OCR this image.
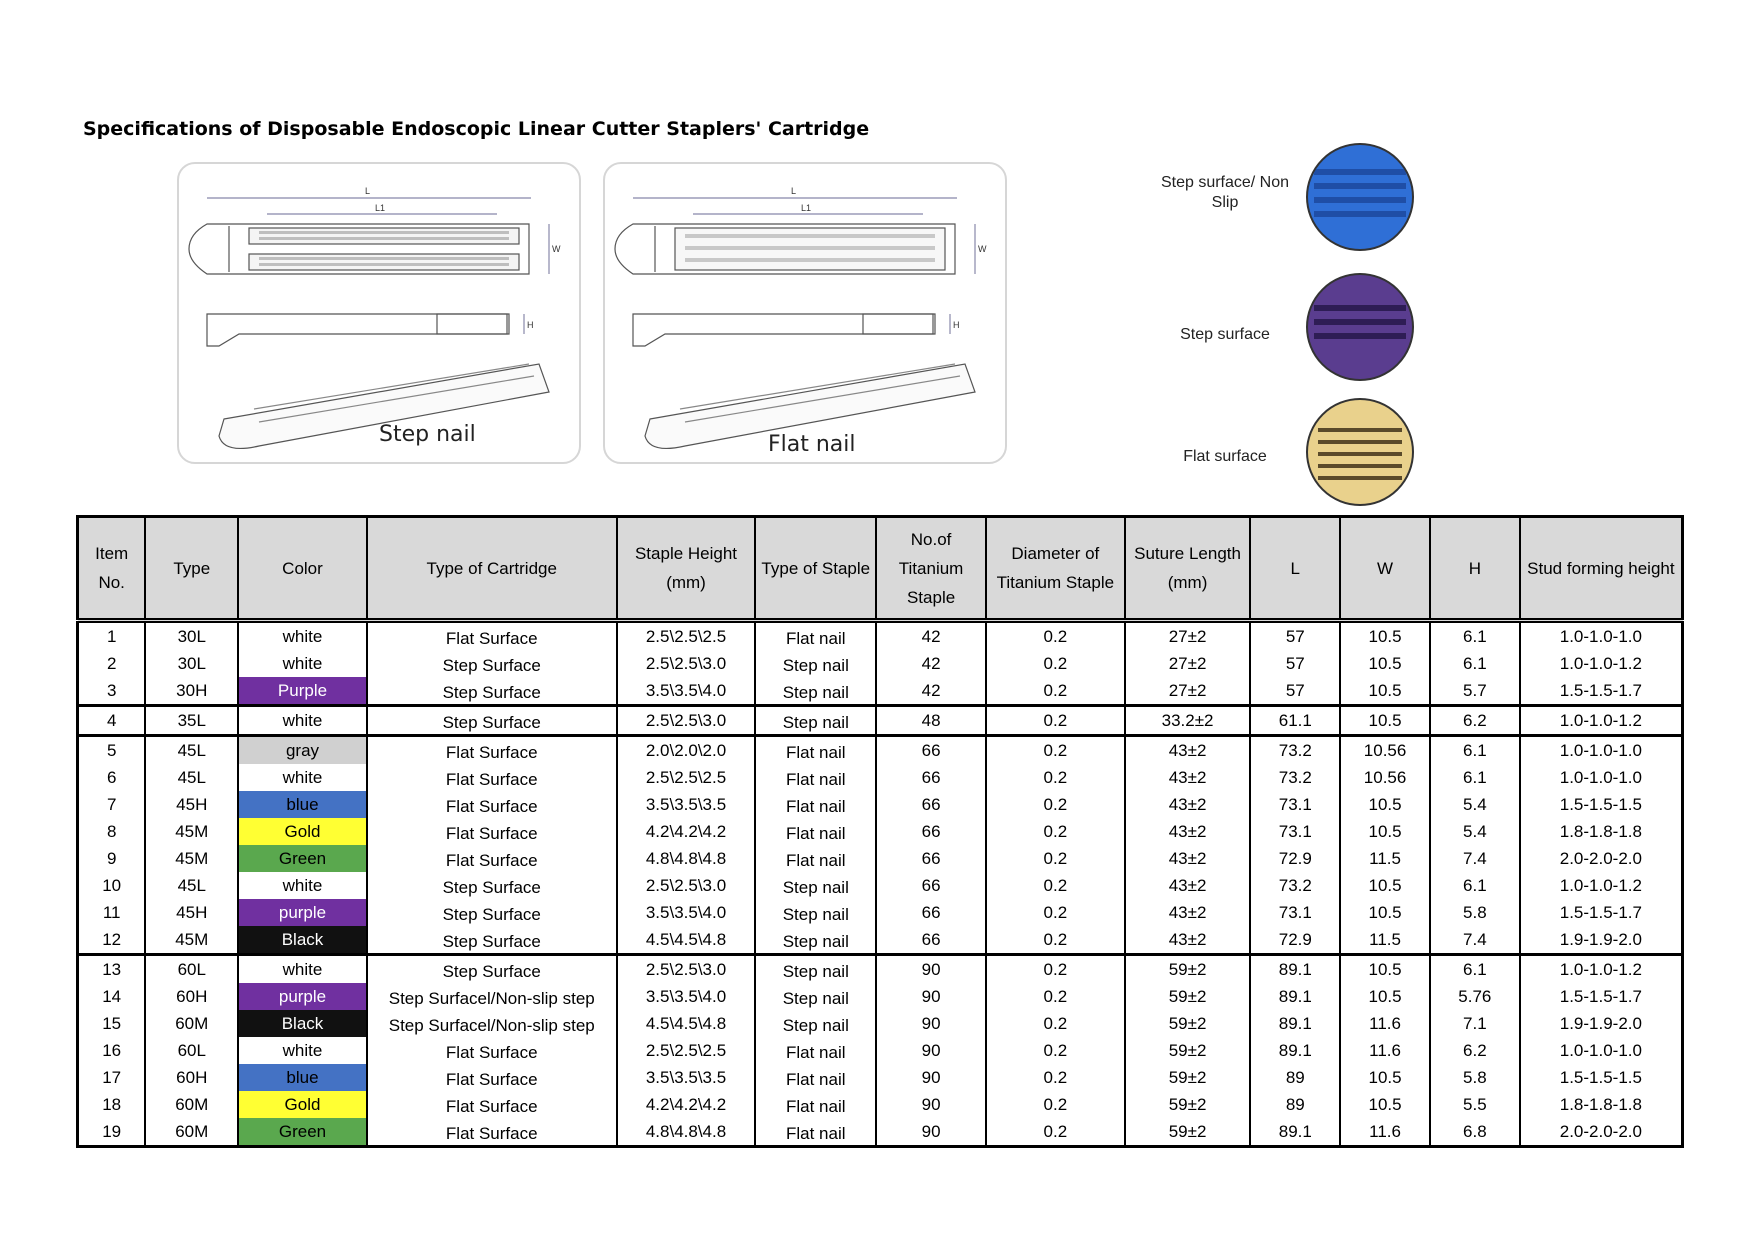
Specifications of Disposable Endoscopic Linear Cutter Staplers' Cartridge
L
L1
W
H
Step nail
L
L1
W
H
Flat nail
Step surface/ Non Slip
Step surface
Flat surface
Item No.	Type	Color	Type of Cartridge	Staple Height (mm)	Type of Staple	No.of Titanium Staple	Diameter of Titanium Staple	Suture Length (mm)	L	W	H	Stud forming height
1	30L	white	Flat Surface	2.5\2.5\2.5	Flat nail	42	0.2	27±2	57	10.5	6.1	1.0-1.0-1.0
2	30L	white	Step Surface	2.5\2.5\3.0	Step nail	42	0.2	27±2	57	10.5	6.1	1.0-1.0-1.2
3	30H	Purple	Step Surface	3.5\3.5\4.0	Step nail	42	0.2	27±2	57	10.5	5.7	1.5-1.5-1.7
4	35L	white	Step Surface	2.5\2.5\3.0	Step nail	48	0.2	33.2±2	61.1	10.5	6.2	1.0-1.0-1.2
5	45L	gray	Flat Surface	2.0\2.0\2.0	Flat nail	66	0.2	43±2	73.2	10.56	6.1	1.0-1.0-1.0
6	45L	white	Flat Surface	2.5\2.5\2.5	Flat nail	66	0.2	43±2	73.2	10.56	6.1	1.0-1.0-1.0
7	45H	blue	Flat Surface	3.5\3.5\3.5	Flat nail	66	0.2	43±2	73.1	10.5	5.4	1.5-1.5-1.5
8	45M	Gold	Flat Surface	4.2\4.2\4.2	Flat nail	66	0.2	43±2	73.1	10.5	5.4	1.8-1.8-1.8
9	45M	Green	Flat Surface	4.8\4.8\4.8	Flat nail	66	0.2	43±2	72.9	11.5	7.4	2.0-2.0-2.0
10	45L	white	Step Surface	2.5\2.5\3.0	Step nail	66	0.2	43±2	73.2	10.5	6.1	1.0-1.0-1.2
11	45H	purple	Step Surface	3.5\3.5\4.0	Step nail	66	0.2	43±2	73.1	10.5	5.8	1.5-1.5-1.7
12	45M	Black	Step Surface	4.5\4.5\4.8	Step nail	66	0.2	43±2	72.9	11.5	7.4	1.9-1.9-2.0
13	60L	white	Step Surface	2.5\2.5\3.0	Step nail	90	0.2	59±2	89.1	10.5	6.1	1.0-1.0-1.2
14	60H	purple	Step Surfacel/Non-slip step	3.5\3.5\4.0	Step nail	90	0.2	59±2	89.1	10.5	5.76	1.5-1.5-1.7
15	60M	Black	Step Surfacel/Non-slip step	4.5\4.5\4.8	Step nail	90	0.2	59±2	89.1	11.6	7.1	1.9-1.9-2.0
16	60L	white	Flat Surface	2.5\2.5\2.5	Flat nail	90	0.2	59±2	89.1	11.6	6.2	1.0-1.0-1.0
17	60H	blue	Flat Surface	3.5\3.5\3.5	Flat nail	90	0.2	59±2	89	10.5	5.8	1.5-1.5-1.5
18	60M	Gold	Flat Surface	4.2\4.2\4.2	Flat nail	90	0.2	59±2	89	10.5	5.5	1.8-1.8-1.8
19	60M	Green	Flat Surface	4.8\4.8\4.8	Flat nail	90	0.2	59±2	89.1	11.6	6.8	2.0-2.0-2.0
